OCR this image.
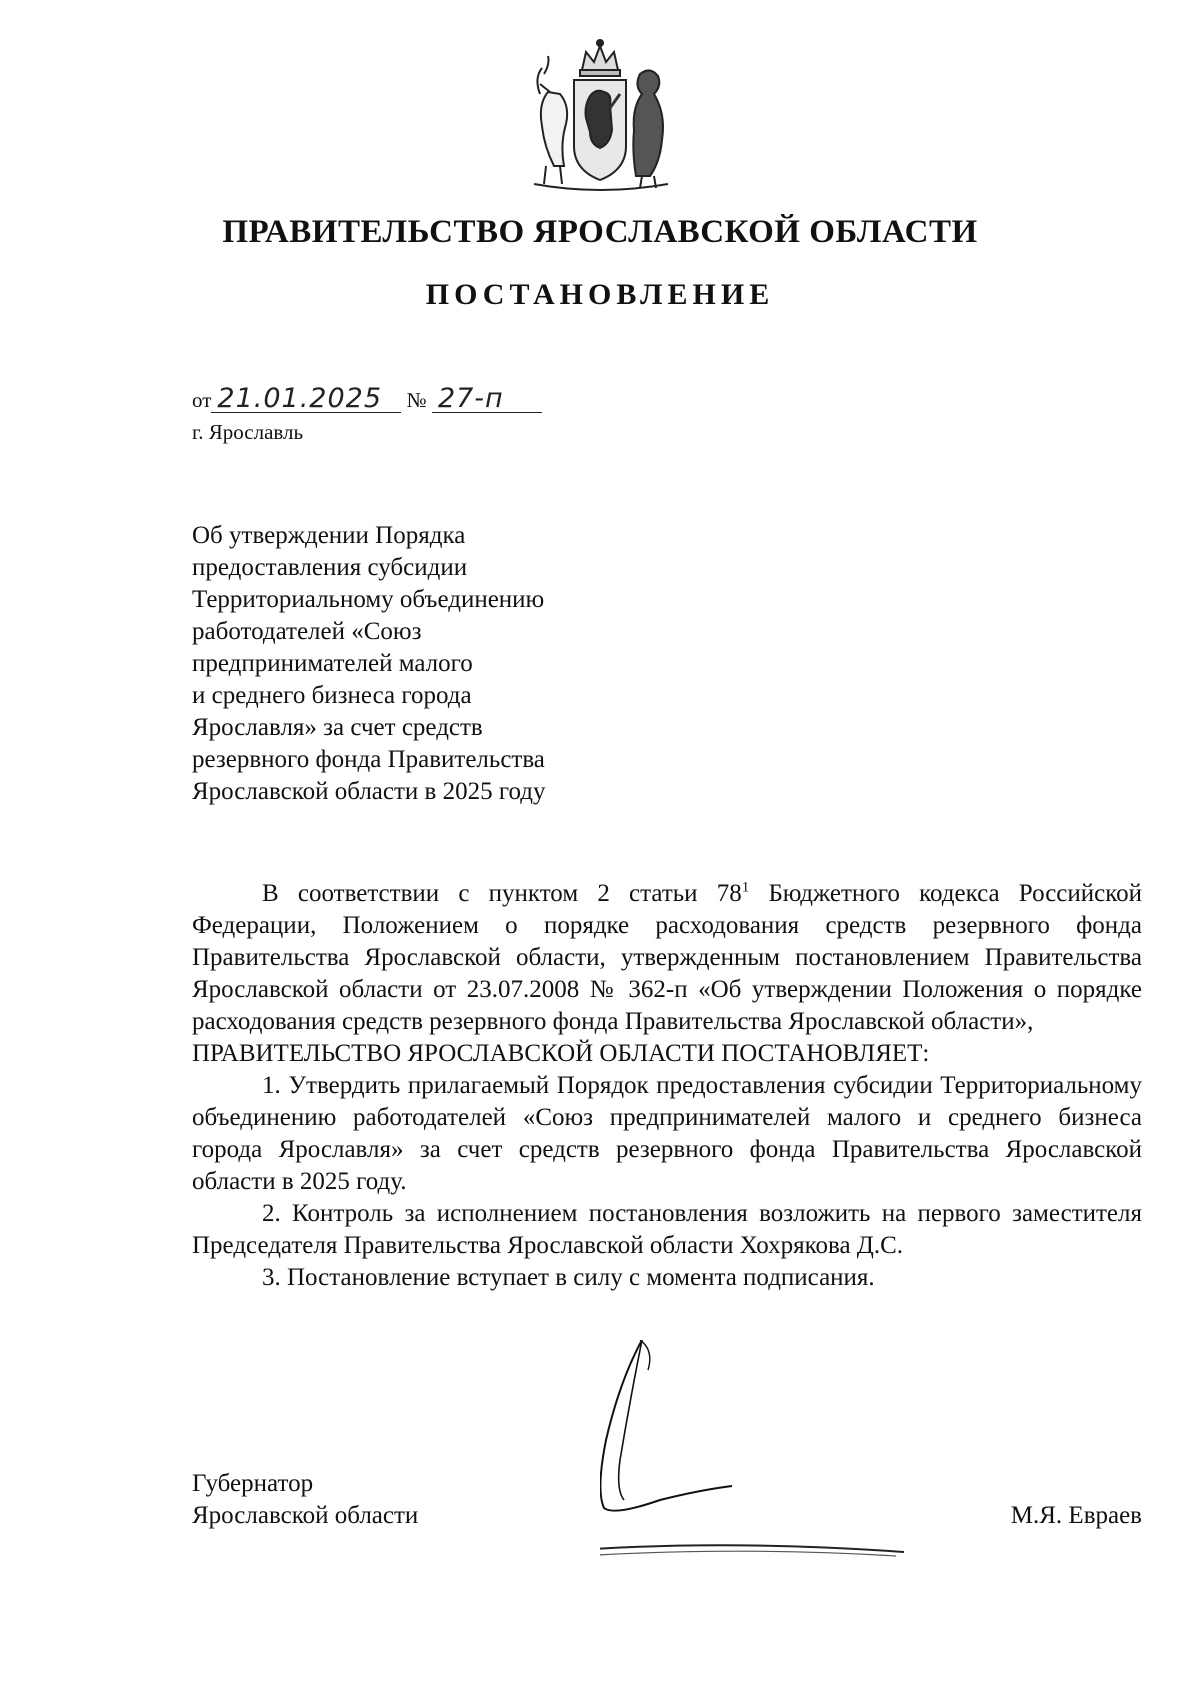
ПРАВИТЕЛЬСТВО ЯРОСЛАВСКОЙ ОБЛАСТИ
ПОСТАНОВЛЕНИЕ
от 21.01.2025 № 27-п
г. Ярославль
Об утверждении Порядка
предоставления субсидии
Территориальному объединению
работодателей «Союз
предпринимателей малого
и среднего бизнеса города
Ярославля» за счет средств
резервного фонда Правительства
Ярославской области в 2025 году

В соответствии с пунктом 2 статьи $78^1$ Бюджетного кодекса Российской Федерации, Положением о порядке расходования средств резервного фонда Правительства Ярославской области, утвержденным постановлением Правительства Ярославской области от 23.07.2008 № 362-п «Об утверждении Положения о порядке расходования средств резервного фонда Правительства Ярославской области»,

ПРАВИТЕЛЬСТВО ЯРОСЛАВСКОЙ ОБЛАСТИ ПОСТАНОВЛЯЕТ:

1. Утвердить прилагаемый Порядок предоставления субсидии Территориальному объединению работодателей «Союз предпринимателей малого и среднего бизнеса города Ярославля» за счет средств резервного фонда Правительства Ярославской области в 2025 году.

2. Контроль за исполнением постановления возложить на первого заместителя Председателя Правительства Ярославской области Хохрякова Д.С.

3. Постановление вступает в силу с момента подписания.

Губернатор
Ярославской области	М.Я. Евраев
